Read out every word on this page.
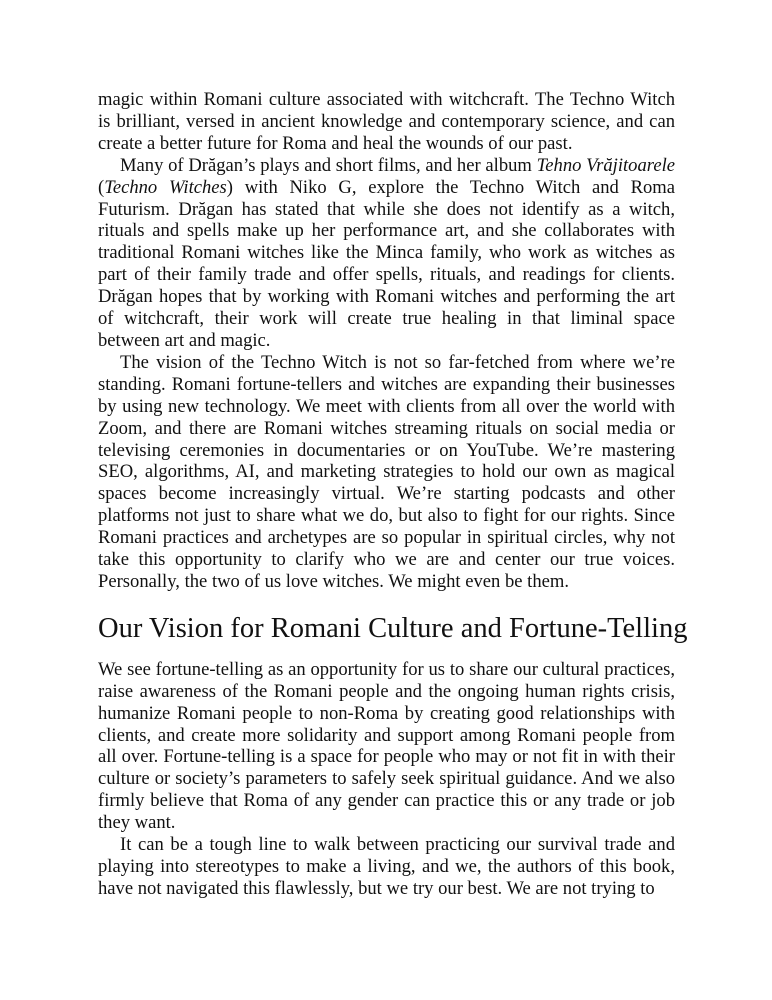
magic within Romani culture associated with witchcraft. The Techno Witch is brilliant, versed in ancient knowledge and contemporary science, and can create a better future for Roma and heal the wounds of our past.

Many of Drăgan’s plays and short films, and her album Tehno Vrăjitoarele (Techno Witches) with Niko G, explore the Techno Witch and Roma Futurism. Drăgan has stated that while she does not identify as a witch, rituals and spells make up her performance art, and she collaborates with traditional Romani witches like the Minca family, who work as witches as part of their family trade and offer spells, rituals, and readings for clients. Drăgan hopes that by working with Romani witches and performing the art of witchcraft, their work will create true healing in that liminal space between art and magic.

The vision of the Techno Witch is not so far-fetched from where we’re standing. Romani fortune-tellers and witches are expanding their businesses by using new technology. We meet with clients from all over the world with Zoom, and there are Romani witches streaming rituals on social media or televising ceremonies in documentaries or on YouTube. We’re mastering SEO, algorithms, AI, and marketing strategies to hold our own as magical spaces become increasingly virtual. We’re starting podcasts and other platforms not just to share what we do, but also to fight for our rights. Since Romani practices and archetypes are so popular in spiritual circles, why not take this opportunity to clarify who we are and center our true voices. Personally, the two of us love witches. We might even be them.

Our Vision for Romani Culture and Fortune-Telling

We see fortune-telling as an opportunity for us to share our cultural practices, raise awareness of the Romani people and the ongoing human rights crisis, humanize Romani people to non-Roma by creating good relationships with clients, and create more solidarity and support among Romani people from all over. Fortune-telling is a space for people who may or not fit in with their culture or society’s parameters to safely seek spiritual guidance. And we also firmly believe that Roma of any gender can practice this or any trade or job they want.

It can be a tough line to walk between practicing our survival trade and playing into stereotypes to make a living, and we, the authors of this book, have not navigated this flawlessly, but we try our best. We are not trying to
